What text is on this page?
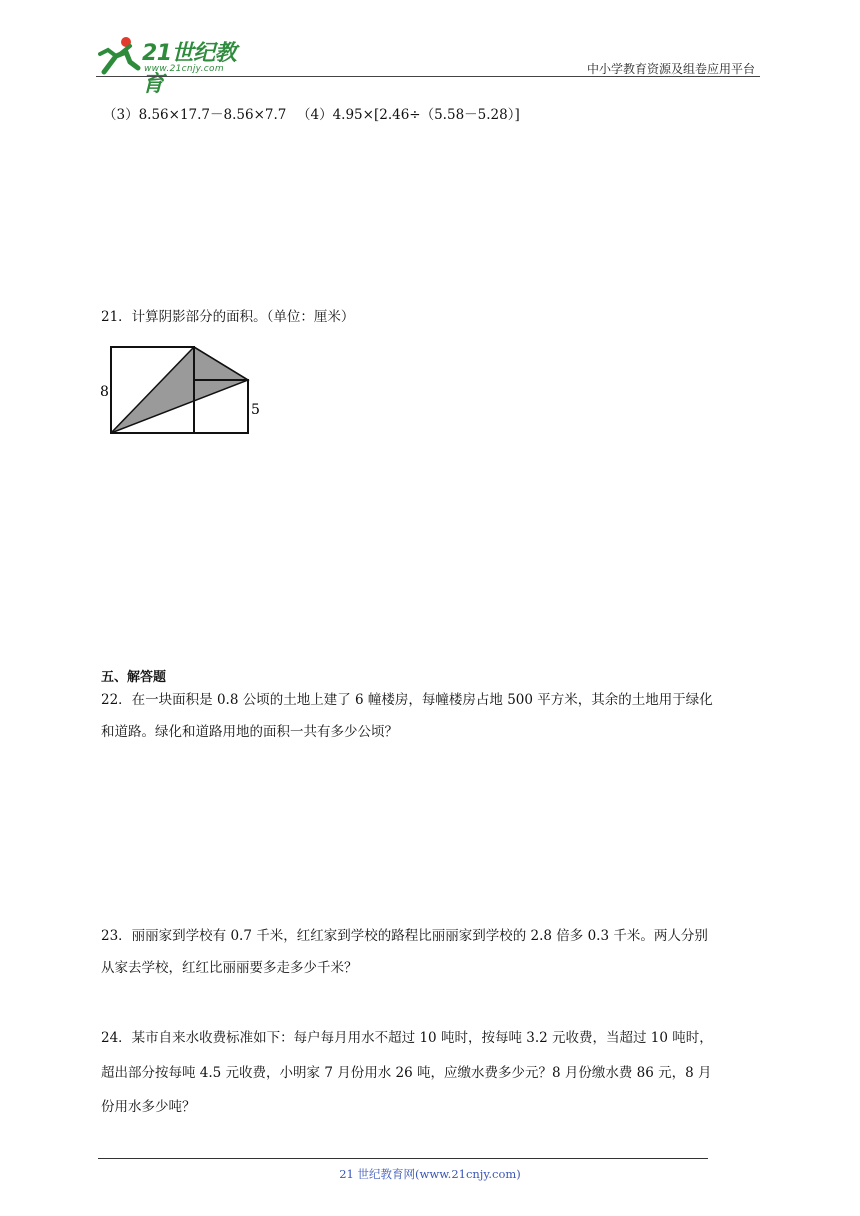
21世纪教育
www.21cnjy.com	中小学教育资源及组卷应用平台
（3）8.56×17.7－8.56×7.7 （4）4.95×[2.46÷（5.58－5.28）]
21．计算阴影部分的面积。（单位：厘米）
8
5
五、解答题
22．在一块面积是 0.8 公顷的土地上建了 6 幢楼房，每幢楼房占地 500 平方米，其余的土地用于绿化
和道路。绿化和道路用地的面积一共有多少公顷？
23．丽丽家到学校有 0.7 千米，红红家到学校的路程比丽丽家到学校的 2.8 倍多 0.3 千米。两人分别
从家去学校，红红比丽丽要多走多少千米？
24．某市自来水收费标准如下：每户每月用水不超过 10 吨时，按每吨 3.2 元收费，当超过 10 吨时，
超出部分按每吨 4.5 元收费，小明家 7 月份用水 26 吨，应缴水费多少元？8 月份缴水费 86 元，8 月
份用水多少吨？
21 世纪教育网(www.21cnjy.com)
